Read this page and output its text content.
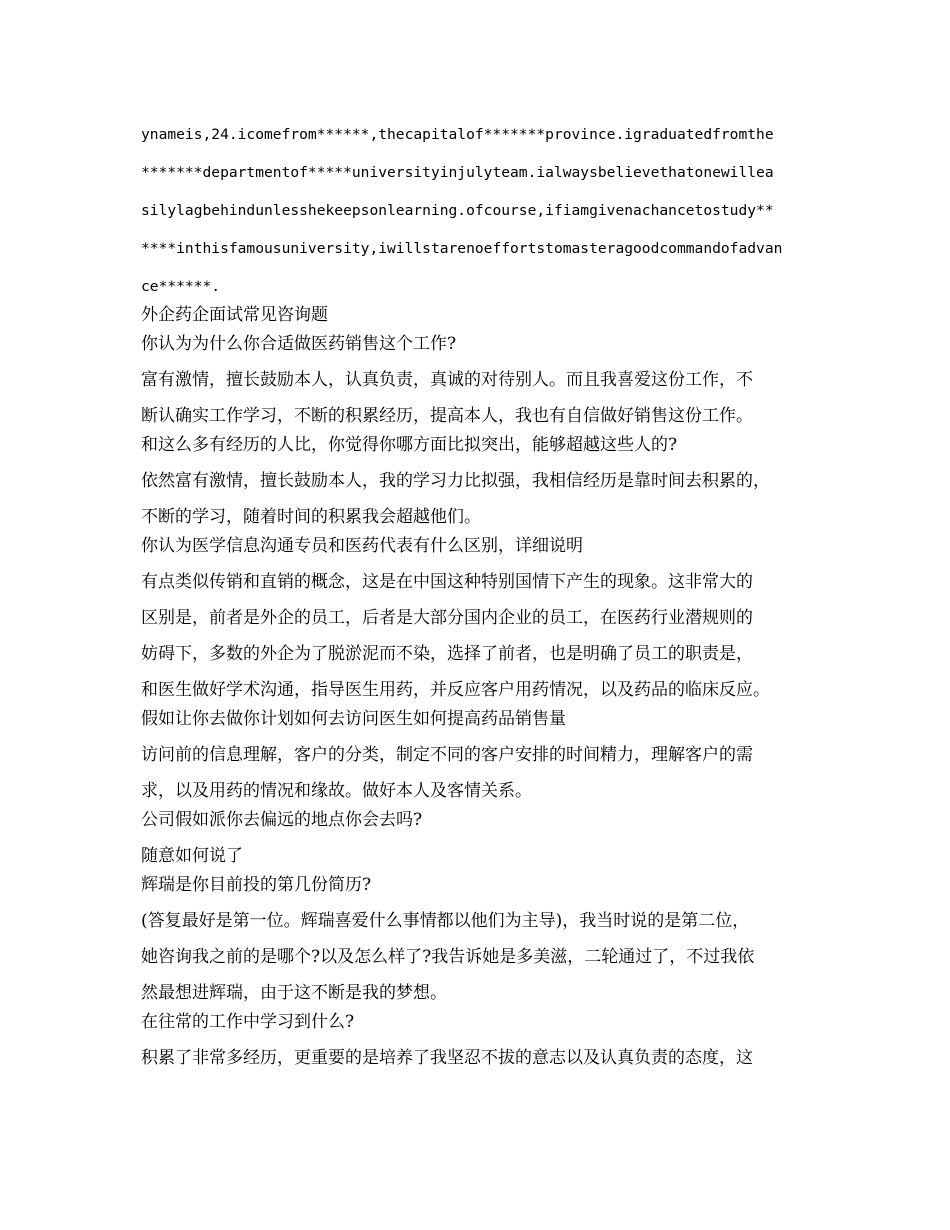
ynameis,24.icomefrom******,thecapitalof*******province.igraduatedfromthe
*******departmentof*****universityinjulyteam.ialwaysbelievethatonewillea
silylagbehindunlesshekeepsonlearning.ofcourse,ifiamgivenachancetostudy**
****inthisfamousuniversity,iwillstarenoeffortstomasteragoodcommandofadvan
ce******.
外企药企面试常见咨询题
你认为为什么你合适做医药销售这个工作?
富有激情，擅长鼓励本人，认真负责，真诚的对待别人。而且我喜爱这份工作，不
断认确实工作学习，不断的积累经历，提高本人，我也有自信做好销售这份工作。
和这么多有经历的人比，你觉得你哪方面比拟突出，能够超越这些人的?
依然富有激情，擅长鼓励本人，我的学习力比拟强，我相信经历是靠时间去积累的，
不断的学习，随着时间的积累我会超越他们。
你认为医学信息沟通专员和医药代表有什么区别，详细说明
有点类似传销和直销的概念，这是在中国这种特别国情下产生的现象。这非常大的
区别是，前者是外企的员工，后者是大部分国内企业的员工，在医药行业潜规则的
妨碍下，多数的外企为了脱淤泥而不染，选择了前者，也是明确了员工的职责是，
和医生做好学术沟通，指导医生用药，并反应客户用药情况，以及药品的临床反应。
假如让你去做你计划如何去访问医生如何提高药品销售量
访问前的信息理解，客户的分类，制定不同的客户安排的时间精力，理解客户的需
求，以及用药的情况和缘故。做好本人及客情关系。
公司假如派你去偏远的地点你会去吗?
随意如何说了
辉瑞是你目前投的第几份简历?
(答复最好是第一位。辉瑞喜爱什么事情都以他们为主导)，我当时说的是第二位，
她咨询我之前的是哪个?以及怎么样了?我告诉她是多美滋，二轮通过了，不过我依
然最想进辉瑞，由于这不断是我的梦想。
在往常的工作中学习到什么?
积累了非常多经历，更重要的是培养了我坚忍不拔的意志以及认真负责的态度，这
